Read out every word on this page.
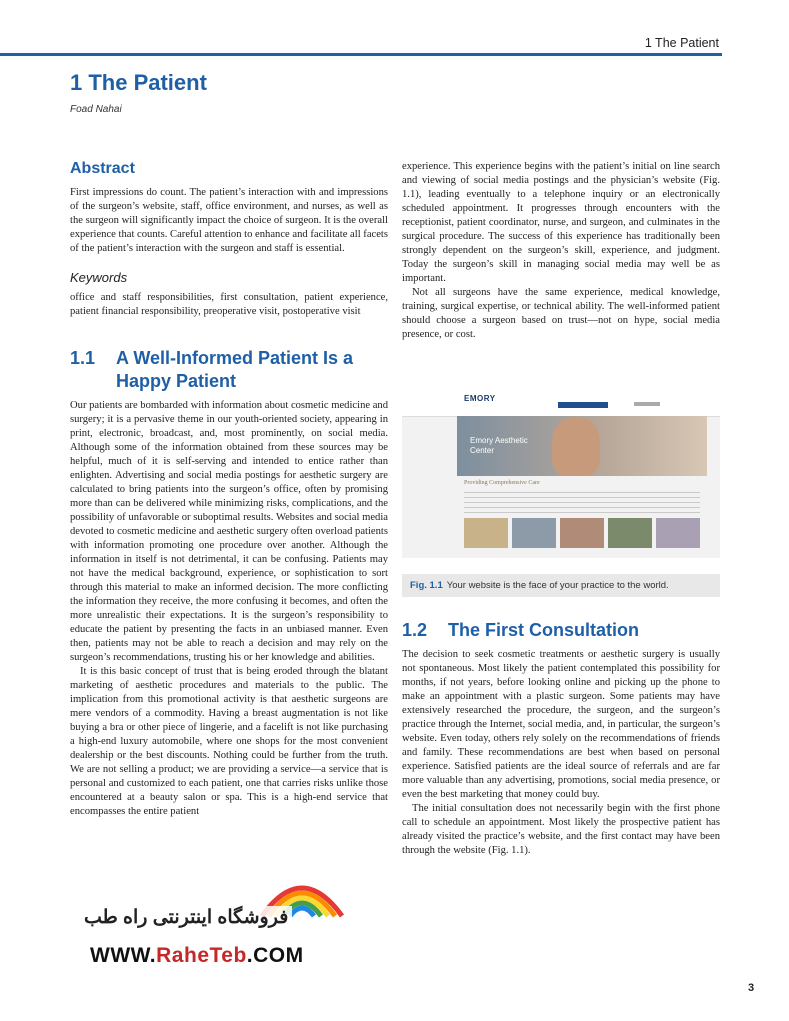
1 The Patient
1 The Patient
Foad Nahai
Abstract

First impressions do count. The patient’s interaction with and impressions of the surgeon’s website, staff, office environment, and nurses, as well as the surgeon will significantly impact the choice of surgeon. It is the overall experience that counts. Careful attention to enhance and facilitate all facets of the patient’s interaction with the surgeon and staff is essential.

Keywords

office and staff responsibilities, first consultation, patient experience, patient financial responsibility, preoperative visit, postoperative visit

1.1 A Well-Informed Patient Is a
Happy Patient

Our patients are bombarded with information about cosmetic medicine and surgery; it is a pervasive theme in our youth-oriented society, appearing in print, electronic, broadcast, and, most prominently, on social media. Although some of the information obtained from these sources may be helpful, much of it is self-serving and intended to entice rather than enlighten. Advertising and social media postings for aesthetic surgery are calculated to bring patients into the surgeon’s office, often by promising more than can be delivered while minimizing risks, complications, and the possibility of unfavorable or suboptimal results. Websites and social media devoted to cosmetic medicine and aesthetic surgery often overload patients with information promoting one procedure over another. Although the information in itself is not detrimental, it can be confusing. Patients may not have the medical background, experience, or sophistication to sort through this material to make an informed decision. The more conflicting the information they receive, the more confusing it becomes, and often the more unrealistic their expectations. It is the surgeon’s responsibility to educate the patient by presenting the facts in an unbiased manner. Even then, patients may not be able to reach a decision and may rely on the surgeon’s recommendations, trusting his or her knowledge and abilities.

It is this basic concept of trust that is being eroded through the blatant marketing of aesthetic procedures and materials to the public. The implication from this promotional activity is that aesthetic surgeons are mere vendors of a commodity. Having a breast augmentation is not like buying a bra or other piece of lingerie, and a facelift is not like purchasing a high-end luxury automobile, where one shops for the most convenient dealership or the best discounts. Nothing could be further from the truth. We are not selling a product; we are providing a service—a service that is personal and customized to each patient, one that carries risks unlike those encountered at a beauty salon or spa. This is a high-end service that encompasses the entire patient

experience. This experience begins with the patient’s initial on line search and viewing of social media postings and the physician’s website (Fig. 1.1), leading eventually to a telephone inquiry or an electronically scheduled appointment. It progresses through encounters with the receptionist, patient coordinator, nurse, and surgeon, and culminates in the surgical procedure. The success of this experience has traditionally been strongly dependent on the surgeon’s skill, experience, and judgment. Today the surgeon’s skill in managing social media may well be as important.

Not all surgeons have the same experience, medical knowledge, training, surgical expertise, or technical ability. The well-informed patient should choose a surgeon based on trust—not on hype, social media presence, or cost.

EMORY
Emory Aesthetic
Center
Providing Comprehensive Care
Fig. 1.1 Your website is the face of your practice to the world.
1.2 The First Consultation

The decision to seek cosmetic treatments or aesthetic surgery is usually not spontaneous. Most likely the patient contemplated this possibility for months, if not years, before looking online and picking up the phone to make an appointment with a plastic surgeon. Some patients may have extensively researched the procedure, the surgeon, and the surgeon’s practice through the Internet, social media, and, in particular, the surgeon’s website. Even today, others rely solely on the recommendations of friends and family. These recommendations are best when based on personal experience. Satisfied patients are the ideal source of referrals and are far more valuable than any advertising, promotions, social media presence, or even the best marketing that money could buy.

The initial consultation does not necessarily begin with the first phone call to schedule an appointment. Most likely the prospective patient has already visited the practice’s website, and the first contact may have been through the website (Fig. 1.1).

3
فروشگاه اینترنتی راه طب
WWW.RaheTeb.COM
